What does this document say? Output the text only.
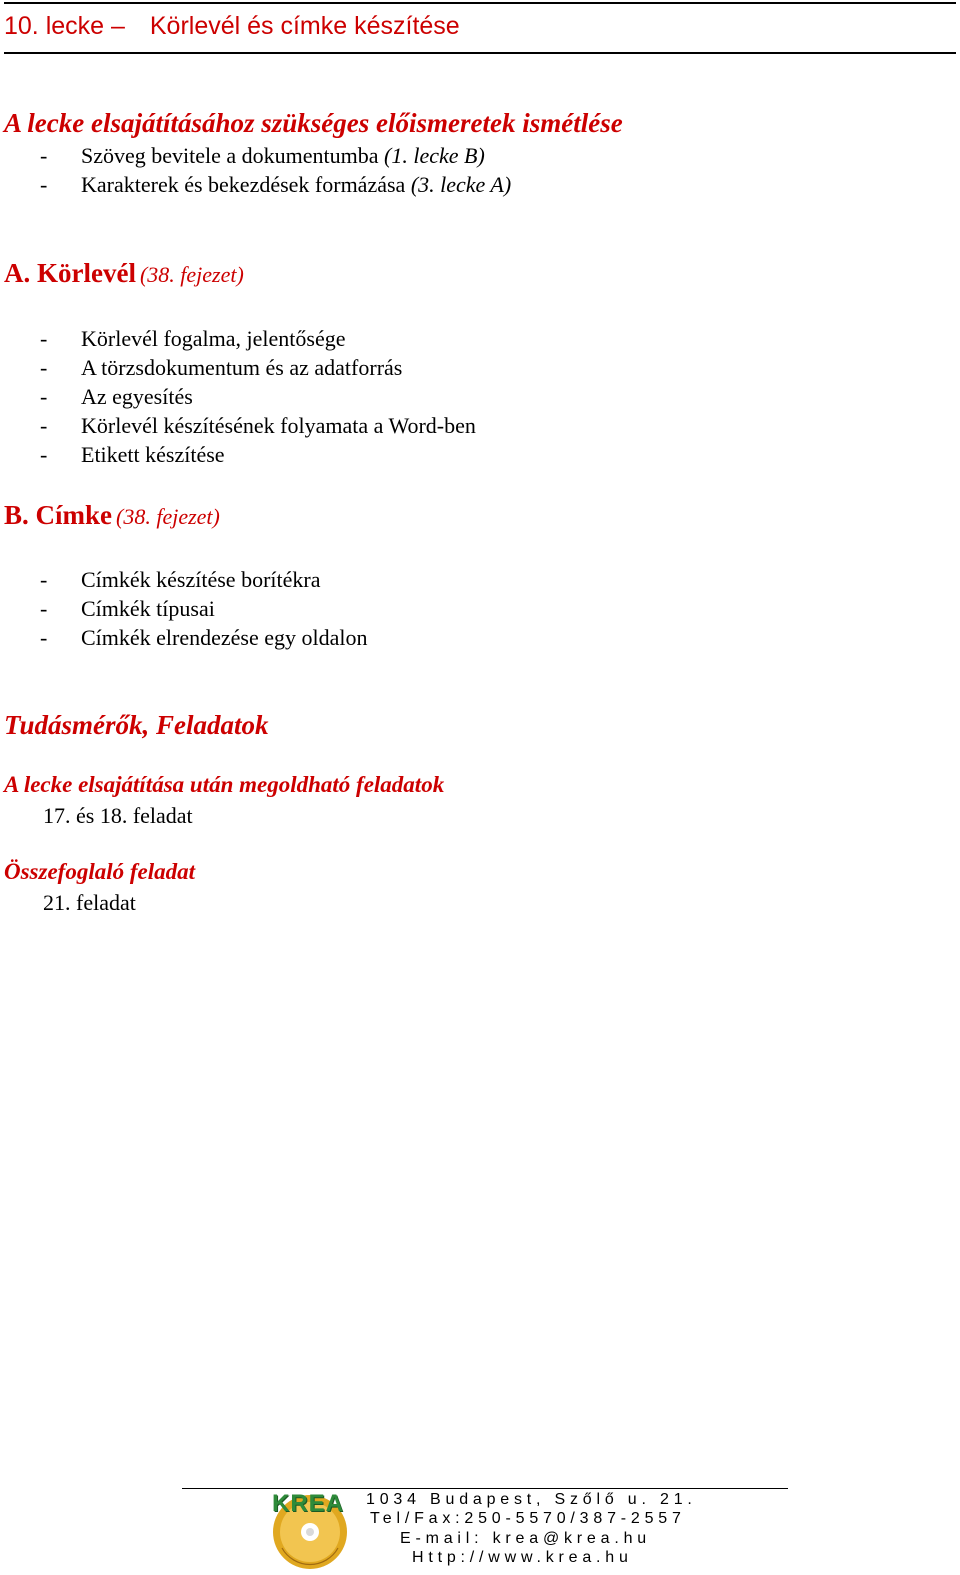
10. lecke – Körlevél és címke készítése
A lecke elsajátításához szükséges előismeretek ismétlése
- Szöveg bevitele a dokumentumba (1. lecke B)
- Karakterek és bekezdések formázása (3. lecke A)
A. Körlevél (38. fejezet)
- Körlevél fogalma, jelentősége
- A törzsdokumentum és az adatforrás
- Az egyesítés
- Körlevél készítésének folyamata a Word-ben
- Etikett készítése
B. Címke (38. fejezet)
- Címkék készítése borítékra
- Címkék típusai
- Címkék elrendezése egy oldalon
Tudásmérők, Feladatok
A lecke elsajátítása után megoldható feladatok
17. és 18. feladat
Összefoglaló feladat
21. feladat
KREA 1034 Budapest, Szőlő u. 21.
Tel/Fax:250-5570/387-2557
E-mail: krea@krea.hu
Http://www.krea.hu
